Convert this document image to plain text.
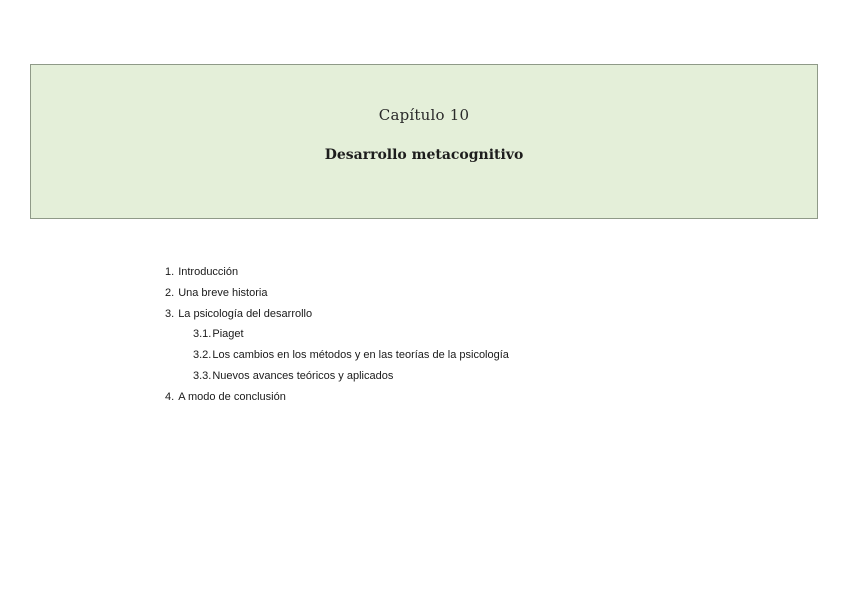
Capítulo 10
Desarrollo metacognitivo
1. Introducción
2. Una breve historia
3. La psicología del desarrollo
3.1.Piaget
3.2.Los cambios en los métodos y en las teorías de la psicología
3.3.Nuevos avances teóricos y aplicados
4. A modo de conclusión
